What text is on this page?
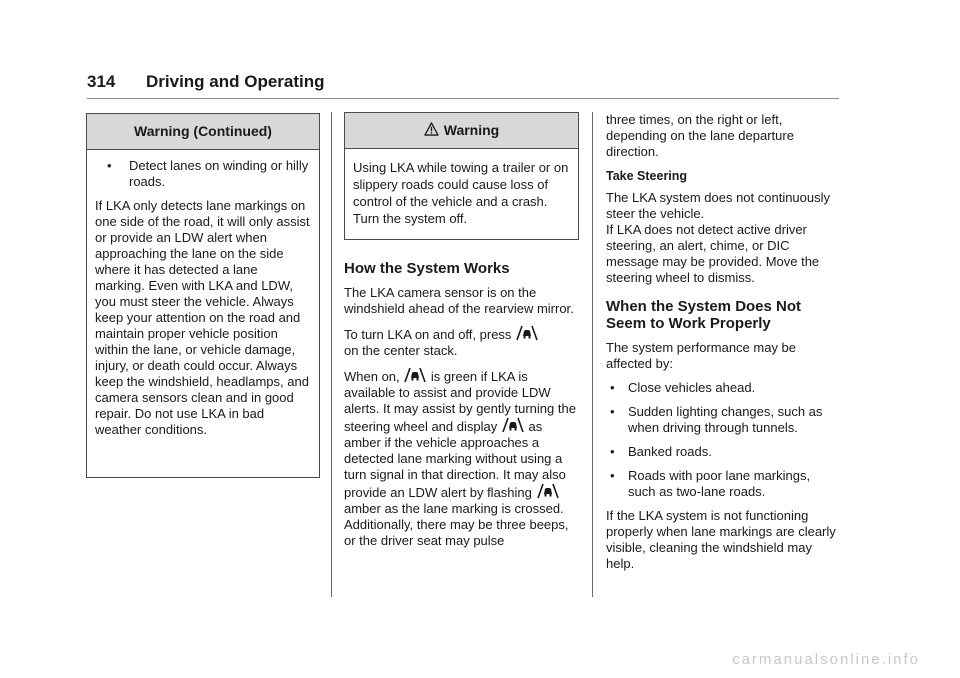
314 Driving and Operating
Warning (Continued)
• Detect lanes on winding or hilly roads.

If LKA only detects lane markings on one side of the road, it will only assist or provide an LDW alert when approaching the lane on the side where it has detected a lane marking. Even with LKA and LDW, you must steer the vehicle. Always keep your attention on the road and maintain proper vehicle position within the lane, or vehicle damage, injury, or death could occur. Always keep the windshield, headlamps, and camera sensors clean and in good repair. Do not use LKA in bad weather conditions.

Warning

Using LKA while towing a trailer or on slippery roads could cause loss of control of the vehicle and a crash. Turn the system off.

How the System Works

The LKA camera sensor is on the windshield ahead of the rearview mirror.

To turn LKA on and off, press
on the center stack.

When on, is green if LKA is available to assist and provide LDW alerts. It may assist by gently turning the steering wheel and display as amber if the vehicle approaches a detected lane marking without using a turn signal in that direction. It may also provide an LDW alert by flashing  amber as the lane marking is crossed. Additionally, there may be three beeps, or the driver seat may pulse

three times, on the right or left, depending on the lane departure direction.

Take Steering

The LKA system does not continuously steer the vehicle.

If LKA does not detect active driver steering, an alert, chime, or DIC message may be provided. Move the steering wheel to dismiss.

When the System Does Not Seem to Work Properly

The system performance may be affected by:

• Close vehicles ahead.
• Sudden lighting changes, such as when driving through tunnels.
• Banked roads.
• Roads with poor lane markings, such as two-lane roads.

If the LKA system is not functioning properly when lane markings are clearly visible, cleaning the windshield may help.

carmanualsonline.info
